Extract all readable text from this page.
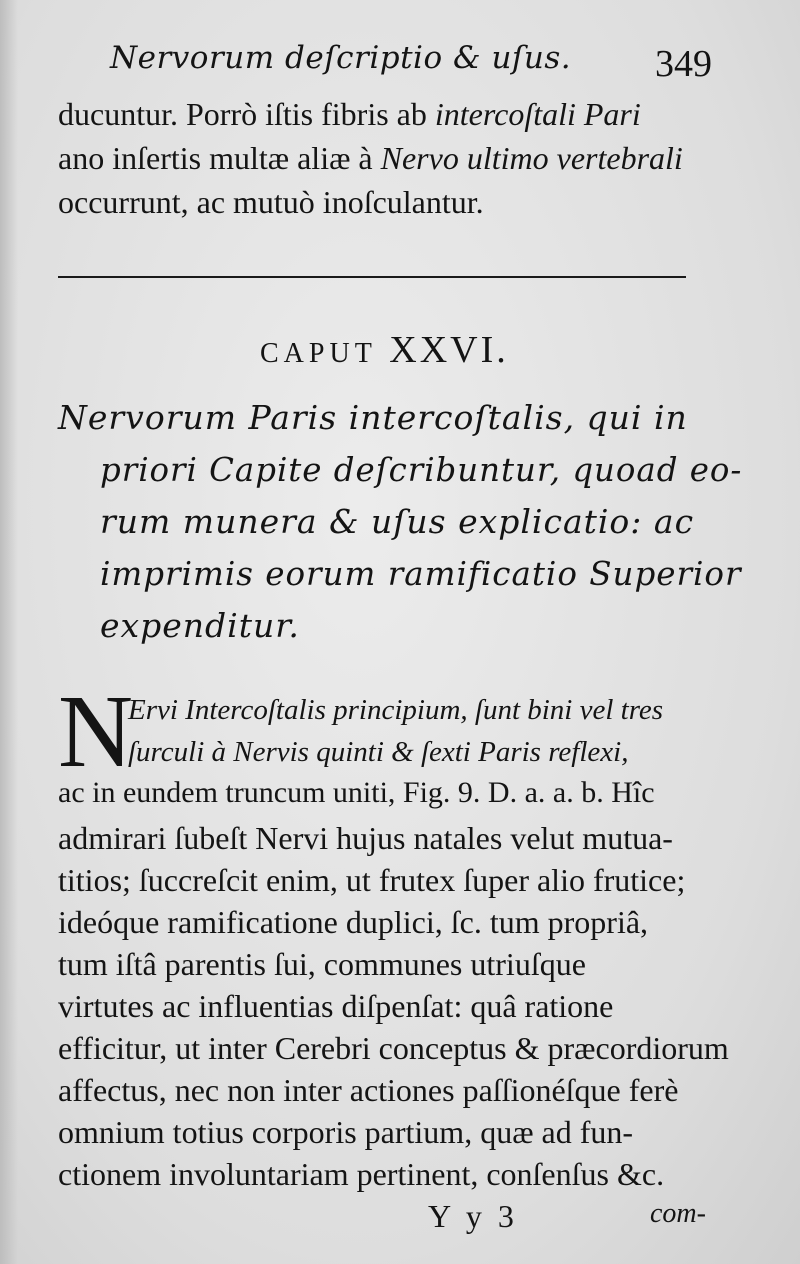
Nervorum deſcriptio & uſus. 349
ducuntur. Porrò iſtis fibris ab intercoſtali Pari
ano inſertis multæ aliæ à Nervo ultimo vertebrali
occurrunt, ac mutuò inoſculantur.
CAPUT XXVI.
Nervorum Paris intercoſtalis, qui in
priori Capite deſcribuntur, quoad eo-
rum munera & uſus explicatio: ac
imprimis eorum ramificatio Superior
expenditur.
N
Ervi Intercoſtalis principium, ſunt bini vel tres
ſurculi à Nervis quinti & ſexti Paris reflexi,
ac in eundem truncum uniti, Fig. 9. D. a. a. b. Hîc
admirari ſubeſt Nervi hujus natales velut mutua-
titios; ſuccreſcit enim, ut frutex ſuper alio frutice;
ideóque ramificatione duplici, ſc. tum propriâ,
tum iſtâ parentis ſui, communes utriuſque
virtutes ac influentias diſpenſat: quâ ratione
efficitur, ut inter Cerebri conceptus & præcordiorum
affectus, nec non inter actiones paſſionéſque ferè
omnium totius corporis partium, quæ ad fun-
ctionem involuntariam pertinent, conſenſus &c.
Y y 3	com-
